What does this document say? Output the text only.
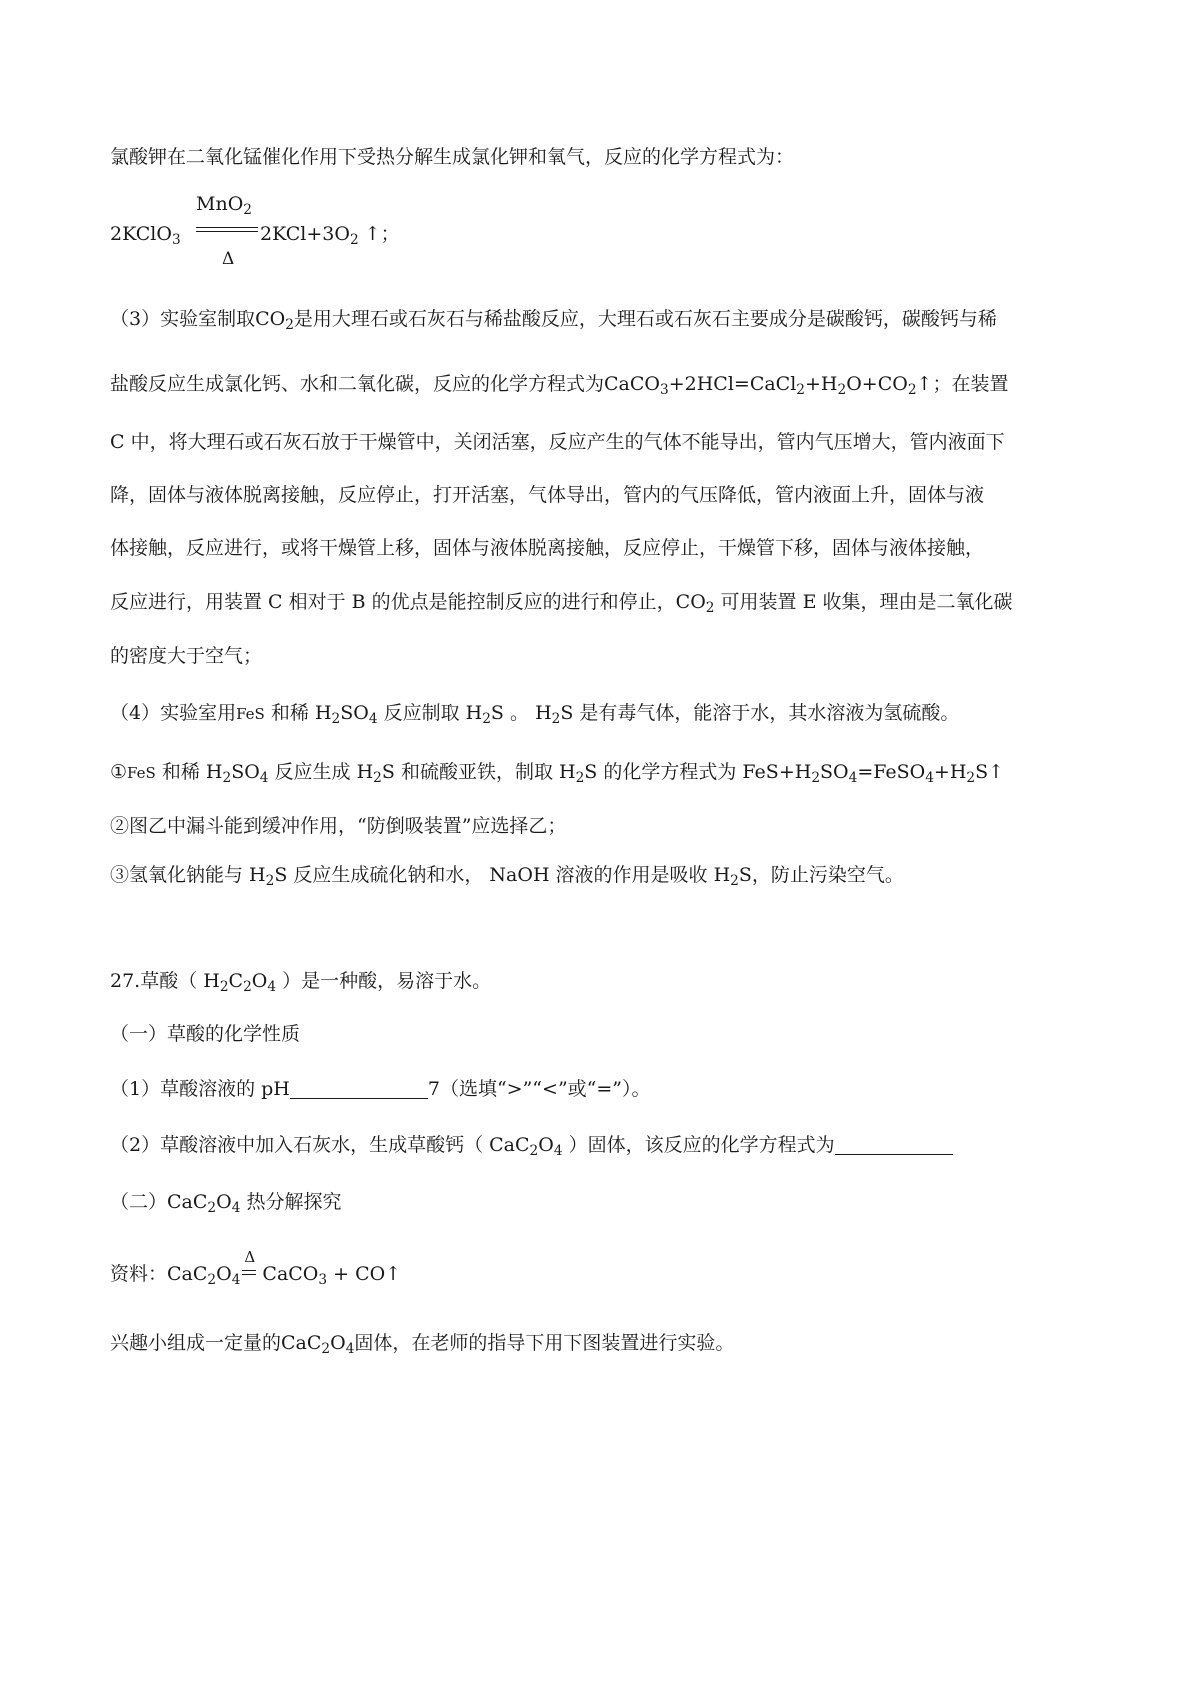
氯酸钾在二氧化锰催化作用下受热分解生成氯化钾和氧气，反应的化学方程式为：
MnO$_2$
2KClO$_3$
Δ
$2KCl+3O_2$ ↑；
（3）实验室制取$CO_2$是用大理石或石灰石与稀盐酸反应，大理石或石灰石主要成分是碳酸钙，碳酸钙与稀
盐酸反应生成氯化钙、水和二氧化碳，反应的化学方程式为$CaCO_3+2HCl=CaCl_2+H_2O+CO_2↑$；在装置
C 中，将大理石或石灰石放于干燥管中，关闭活塞，反应产生的气体不能导出，管内气压增大，管内液面下
降，固体与液体脱离接触，反应停止，打开活塞，气体导出，管内的气压降低，管内液面上升，固体与液
体接触，反应进行，或将干燥管上移，固体与液体脱离接触，反应停止，干燥管下移，固体与液体接触，
反应进行，用装置 C 相对于 B 的优点是能控制反应的进行和停止，$CO_2$ 可用装置 E 收集，理由是二氧化碳
的密度大于空气；
（4）实验室用FeS 和稀 $H_2SO_4$ 反应制取 $H_2S$ 。 $H_2S$ 是有毒气体，能溶于水，其水溶液为氢硫酸。
①FeS 和稀 $H_2SO_4$ 反应生成 $H_2S$ 和硫酸亚铁，制取 $H_2S$ 的化学方程式为 $FeS+H_2SO_4=FeSO_4+H_2S↑$
②图乙中漏斗能到缓冲作用，“防倒吸装置”应选择乙；
③氢氧化钠能与 $H_2S$ 反应生成硫化钠和水， NaOH 溶液的作用是吸收 $H_2S$，防止污染空气。
27.草酸（ $H_2C_2O_4$ ）是一种酸，易溶于水。
（一）草酸的化学性质
（1）草酸溶液的 pH	7（选填“>”“<”或“=”）。
（2）草酸溶液中加入石灰水，生成草酸钙（ $CaC_2O_4$ ）固体，该反应的化学方程式为
（二）$CaC_2O_4$ 热分解探究
资料：$CaC_2O_4$
Δ
CaCO$_3$ + CO↑
兴趣小组成一定量的$CaC_2O_4$固体，在老师的指导下用下图装置进行实验。
